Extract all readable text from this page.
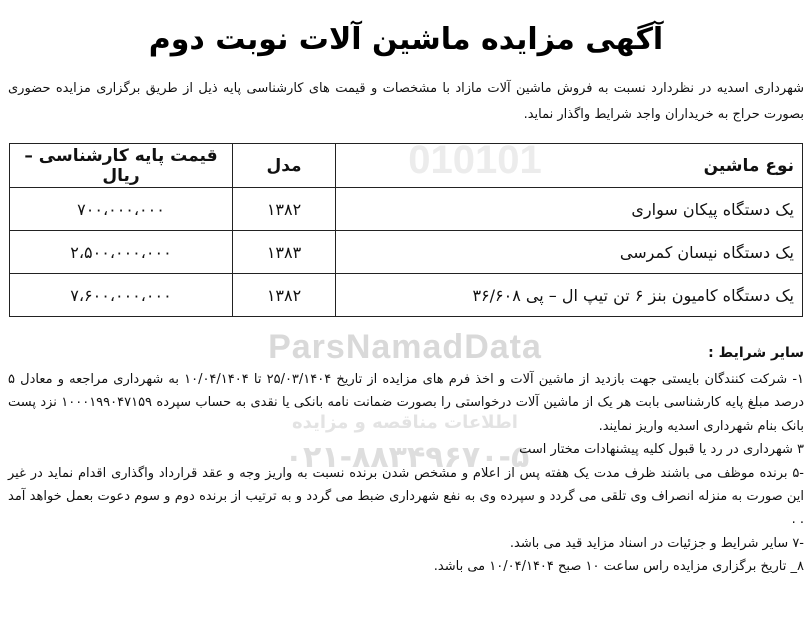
010101
ParsNamadData
اطلاعات مناقصه و مزایده
۰۲۱-۸۸۳۴۹۶۷۰-۵
آگهی مزایده ماشین آلات نوبت دوم

شهرداری اسدیه در نظردارد نسبت به فروش ماشین آلات مازاد با مشخصات و قیمت های کارشناسی پایه ذیل از طریق برگزاری مزایده حضوری بصورت حراج به خریداران واجد شرایط واگذار نماید.

نوع ماشین	مدل	قیمت پایه کارشناسی – ریال
یک دستگاه پیکان سواری	۱۳۸۲	۷۰۰،۰۰۰،۰۰۰
یک دستگاه نیسان کمرسی	۱۳۸۳	۲،۵۰۰،۰۰۰،۰۰۰
یک دستگاه کامیون بنز ۶ تن تیپ ال – پی ۳۶/۶۰۸	۱۳۸۲	۷،۶۰۰،۰۰۰،۰۰۰

سایر شرایط :

۱- شرکت کنندگان بایستی جهت بازدید از ماشین آلات و اخذ فرم های مزایده از تاریخ ۲۵/۰۳/۱۴۰۴ تا ۱۰/۰۴/۱۴۰۴ به شهرداری مراجعه و معادل ۵ درصد مبلغ پایه کارشناسی بابت هر یک از ماشین آلات درخواستی را بصورت ضمانت نامه بانکی یا نقدی به حساب سپرده ۱۰۰۰۱۹۹۰۴۷۱۵۹ نزد پست بانک بنام شهرداری اسدیه واریز نمایند.
۳ شهرداری در رد یا قبول کلیه پیشنهادات مختار است
-۵ برنده موظف می باشند ظرف مدت یک هفته پس از اعلام و مشخص شدن برنده نسبت به واریز وجه و عقد قرارداد واگذاری اقدام نماید در غیر این صورت به منزله انصراف وی تلقی می گردد و سپرده وی به نفع شهرداری ضبط می گردد و به ترتیب از برنده دوم و سوم دعوت بعمل خواهد آمد . .
-۷ سایر شرایط و جزئیات در اسناد مزاید قید می باشد.
۸_ تاریخ برگزاری مزایده راس ساعت ۱۰ صبح ۱۰/۰۴/۱۴۰۴ می باشد.
